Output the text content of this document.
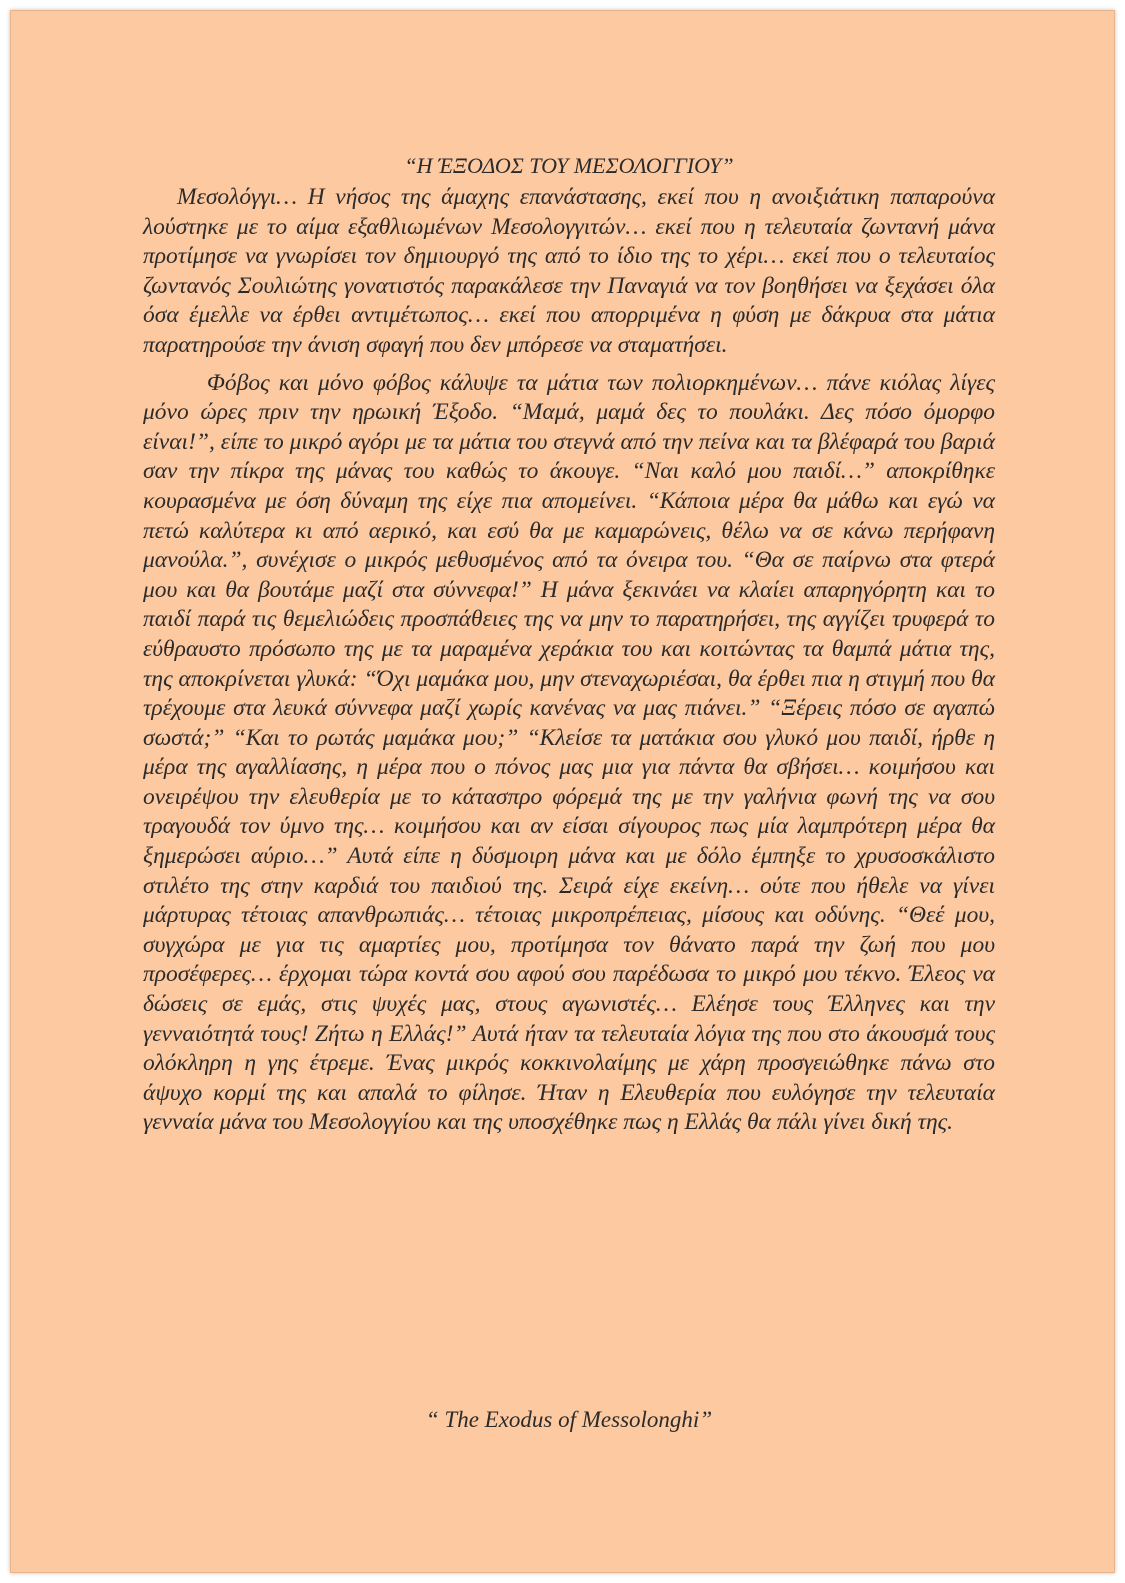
“Η ΈΞΟΔΟΣ ΤΟΥ ΜΕΣΟΛΟΓΓΙΟΥ”

Μεσολόγγι… Η νήσος της άμαχης επανάστασης, εκεί που η ανοιξιάτικη παπαρούνα λούστηκε με το αίμα εξαθλιωμένων Μεσολογγιτών… εκεί που η τελευταία ζωντανή μάνα προτίμησε να γνωρίσει τον δημιουργό της από το ίδιο της το χέρι… εκεί που ο τελευταίος ζωντανός Σουλιώτης γονατιστός παρακάλεσε την Παναγιά να τον βοηθήσει να ξεχάσει όλα όσα έμελλε να έρθει αντιμέτωπος… εκεί που απορριμένα η φύση με δάκρυα στα μάτια παρατηρούσε την άνιση σφαγή που δεν μπόρεσε να σταματήσει.

Φόβος και μόνο φόβος κάλυψε τα μάτια των πολιορκημένων… πάνε κιόλας λίγες μόνο ώρες πριν την ηρωική Έξοδο. “Μαμά, μαμά δες το πουλάκι. Δες πόσο όμορφο είναι!”, είπε το μικρό αγόρι με τα μάτια του στεγνά από την πείνα και τα βλέφαρά του βαριά σαν την πίκρα της μάνας του καθώς το άκουγε. “Ναι καλό μου παιδί…” αποκρίθηκε κουρασμένα με όση δύναμη της είχε πια απομείνει. “Κάποια μέρα θα μάθω και εγώ να πετώ καλύτερα κι από αερικό, και εσύ θα με καμαρώνεις, θέλω να σε κάνω περήφανη μανούλα.”, συνέχισε ο μικρός μεθυσμένος από τα όνειρα του. “Θα σε παίρνω στα φτερά μου και θα βουτάμε μαζί στα σύννεφα!” Η μάνα ξεκινάει να κλαίει απαρηγόρητη και το παιδί παρά τις θεμελιώδεις προσπάθειες της να μην το παρατηρήσει, της αγγίζει τρυφερά το εύθραυστο πρόσωπο της με τα μαραμένα χεράκια του και κοιτώντας τα θαμπά μάτια της, της αποκρίνεται γλυκά: “Όχι μαμάκα μου, μην στεναχωριέσαι, θα έρθει πια η στιγμή που θα τρέχουμε στα λευκά σύννεφα μαζί χωρίς κανένας να μας πιάνει.” “Ξέρεις πόσο σε αγαπώ σωστά;” “Και το ρωτάς μαμάκα μου;” “Κλείσε τα ματάκια σου γλυκό μου παιδί, ήρθε η μέρα της αγαλλίασης, η μέρα που ο πόνος μας μια για πάντα θα σβήσει… κοιμήσου και ονειρέψου την ελευθερία με το κάτασπρο φόρεμά της με την γαλήνια φωνή της να σου τραγουδά τον ύμνο της… κοιμήσου και αν είσαι σίγουρος πως μία λαμπρότερη μέρα θα ξημερώσει αύριο…” Αυτά είπε η δύσμοιρη μάνα και με δόλο έμπηξε το χρυσοσκάλιστο στιλέτο της στην καρδιά του παιδιού της. Σειρά είχε εκείνη… ούτε που ήθελε να γίνει μάρτυρας τέτοιας απανθρωπιάς… τέτοιας μικροπρέπειας, μίσους και οδύνης. “Θεέ μου, συγχώρα με για τις αμαρτίες μου, προτίμησα τον θάνατο παρά την ζωή που μου προσέφερες… έρχομαι τώρα κοντά σου αφού σου παρέδωσα το μικρό μου τέκνο. Έλεος να δώσεις σε εμάς, στις ψυχές μας, στους αγωνιστές… Ελέησε τους Έλληνες και την γενναιότητά τους! Ζήτω η Ελλάς!” Αυτά ήταν τα τελευταία λόγια της που στο άκουσμά τους ολόκληρη η γης έτρεμε. Ένας μικρός κοκκινολαίμης με χάρη προσγειώθηκε πάνω στο άψυχο κορμί της και απαλά το φίλησε. Ήταν η Ελευθερία που ευλόγησε την τελευταία γενναία μάνα του Μεσολογγίου και της υποσχέθηκε πως η Ελλάς θα πάλι γίνει δική της.

“ The Exodus of Messolonghi”
